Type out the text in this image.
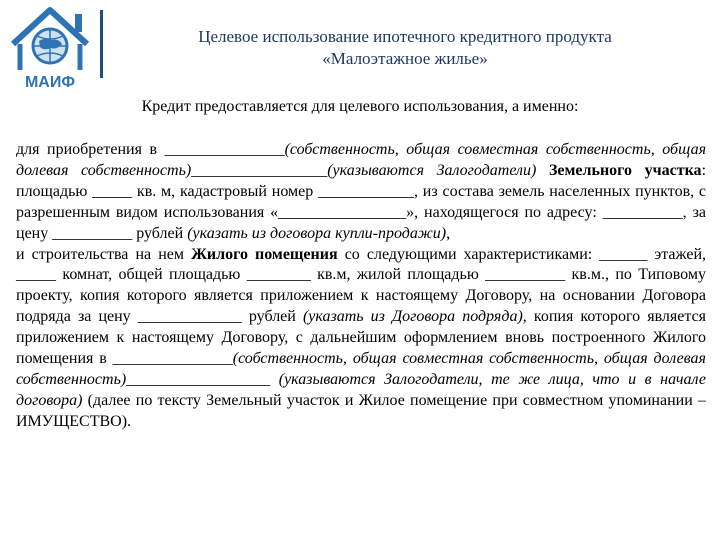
МАИФ
Целевое использование ипотечного кредитного продукта
«Малоэтажное жилье»
Кредит предоставляется для целевого использования, а именно:

для приобретения в _______________(собственность, общая совместная собственность, общая долевая собственность)_________________(указываются Залогодатели) Земельного участка: площадью _____ кв. м, кадастровый номер ____________, из состава земель населенных пунктов, с разрешенным видом использования «________________», находящегося по адресу: __________, за цену __________ рублей (указать из договора купли-продажи),

и строительства на нем Жилого помещения со следующими характеристиками: ______ этажей, _____ комнат, общей площадью ________ кв.м, жилой площадью __________ кв.м., по Типовому проекту, копия которого является приложением к настоящему Договору, на основании Договора подряда за цену _____________ рублей (указать из Договора подряда), копия которого является приложением к настоящему Договору, с дальнейшим оформлением вновь построенного Жилого помещения в _______________(собственность, общая совместная собственность, общая долевая собственность)__________________ (указываются Залогодатели, те же лица, что и в начале договора) (далее по тексту Земельный участок и Жилое помещение при совместном упоминании – ИМУЩЕСТВО).
